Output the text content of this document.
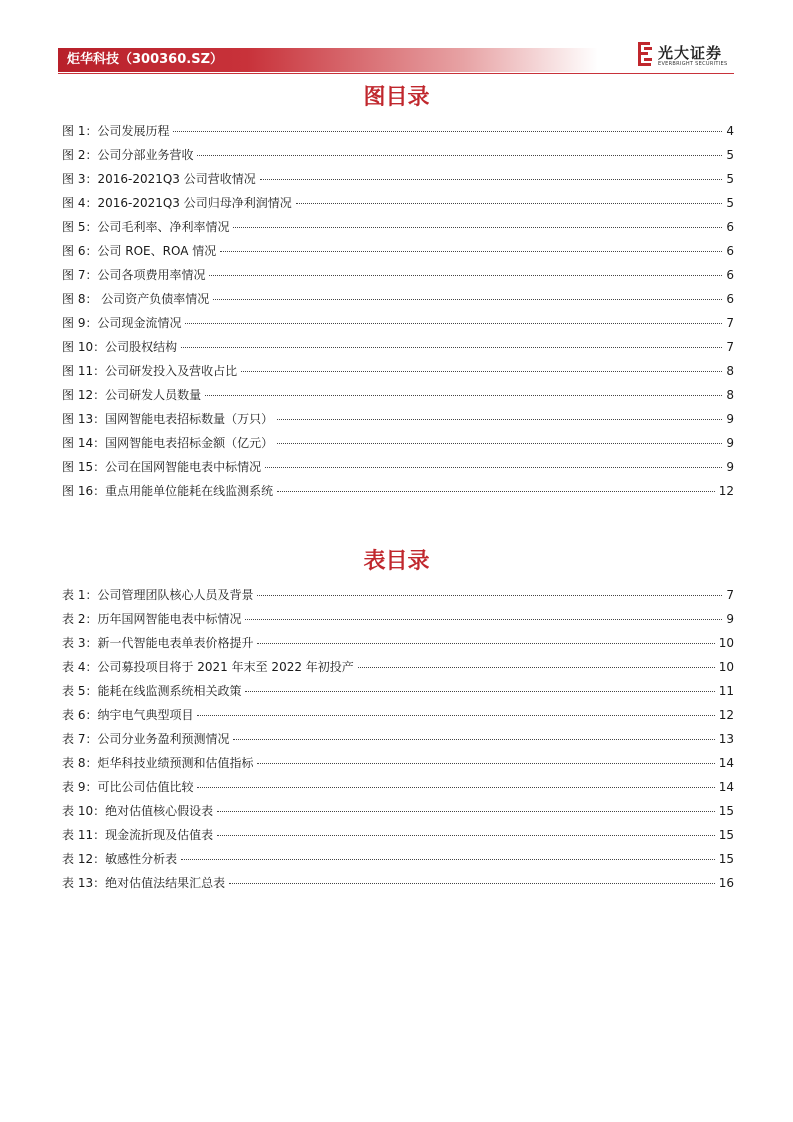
炬华科技（300360.SZ）	光大证券
EVERBRIGHT SECURITIES
图目录
图 1：公司发展历程	4
图 2：公司分部业务营收	5
图 3：2016-2021Q3 公司营收情况	5
图 4：2016-2021Q3 公司归母净利润情况	5
图 5：公司毛利率、净利率情况	6
图 6：公司 ROE、ROA 情况	6
图 7：公司各项费用率情况	6
图 8： 公司资产负债率情况	6
图 9：公司现金流情况	7
图 10：公司股权结构	7
图 11：公司研发投入及营收占比	8
图 12：公司研发人员数量	8
图 13：国网智能电表招标数量（万只）	9
图 14：国网智能电表招标金额（亿元）	9
图 15：公司在国网智能电表中标情况	9
图 16：重点用能单位能耗在线监测系统	12
表目录
表 1：公司管理团队核心人员及背景	7
表 2：历年国网智能电表中标情况	9
表 3：新一代智能电表单表价格提升	10
表 4：公司募投项目将于 2021 年末至 2022 年初投产	10
表 5：能耗在线监测系统相关政策	11
表 6：纳宇电气典型项目	12
表 7：公司分业务盈利预测情况	13
表 8：炬华科技业绩预测和估值指标	14
表 9：可比公司估值比较	14
表 10：绝对估值核心假设表	15
表 11：现金流折现及估值表	15
表 12：敏感性分析表	15
表 13：绝对估值法结果汇总表	16
